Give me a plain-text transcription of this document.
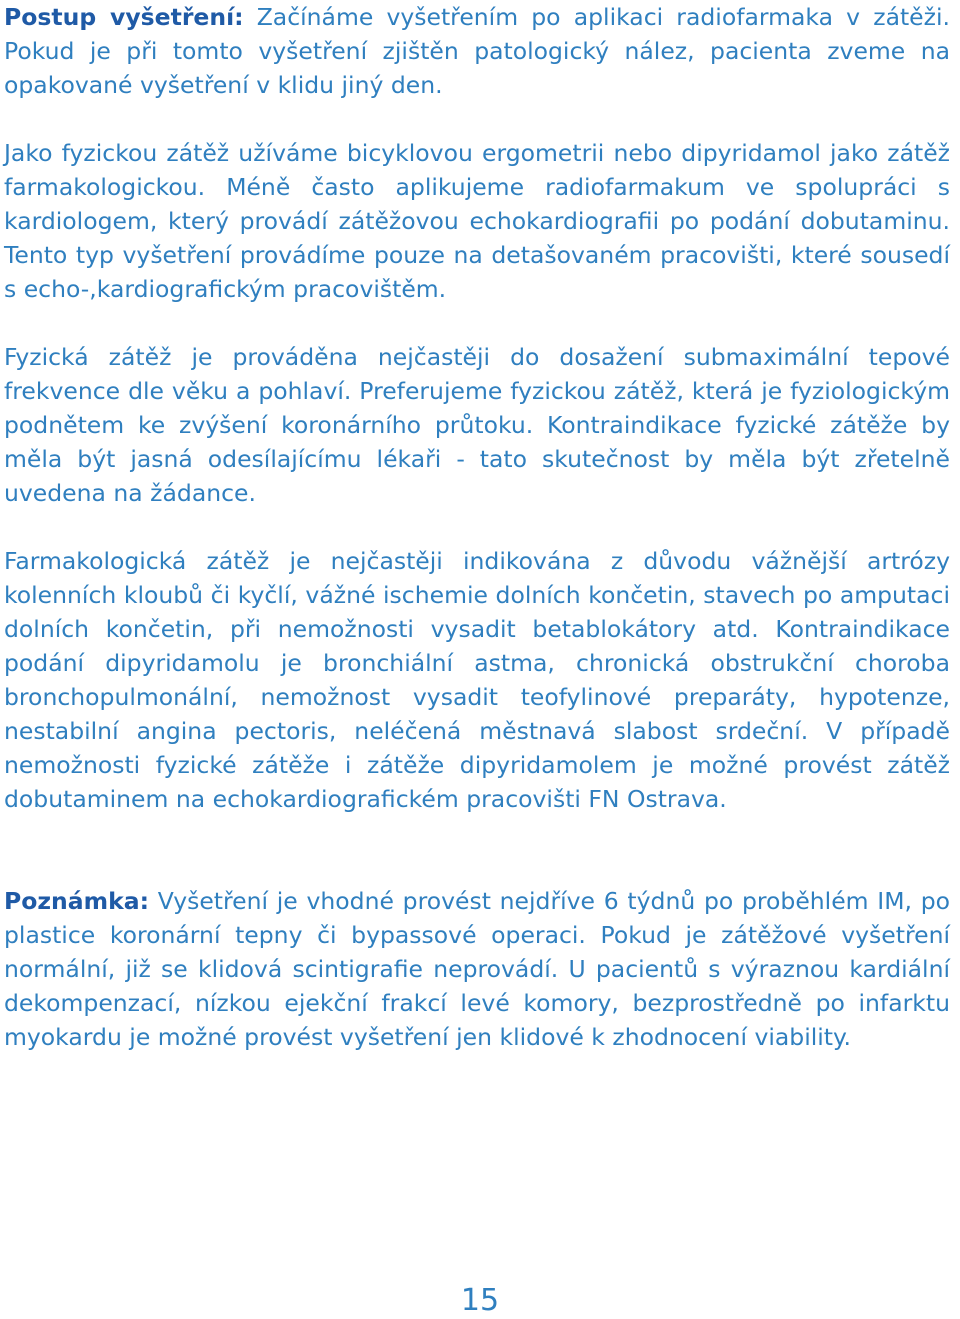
Postup vyšetření: Začínáme vyšetřením po aplikaci radiofarmaka v zátěži. Pokud je při tomto vyšetření zjištěn patologický nález, pacienta zveme na opakované vyšetření v klidu jiný den.

Jako fyzickou zátěž užíváme bicyklovou ergometrii nebo dipyridamol jako zátěž farmakologickou. Méně často aplikujeme radiofarmakum ve spolupráci s kardiologem, který provádí zátěžovou echokardiografii po podání dobutaminu. Tento typ vyšetření provádíme pouze na detašovaném pracovišti, které sousedí s echo-,kardiografickým pracovištěm.

Fyzická zátěž je prováděna nejčastěji do dosažení submaximální tepové frekvence dle věku a pohlaví. Preferujeme fyzickou zátěž, která je fyziologickým podnětem ke zvýšení koronárního průtoku. Kontraindikace fyzické zátěže by měla být jasná odesílajícímu lékaři - tato skutečnost by měla být zřetelně uvedena na žádance.

Farmakologická zátěž je nejčastěji indikována z důvodu vážnější artrózy kolenních kloubů či kyčlí, vážné ischemie dolních končetin, stavech po amputaci dolních končetin, při nemožnosti vysadit betablokátory atd. Kontraindikace podání dipyridamolu je bronchiální astma, chronická obstrukční choroba bronchopulmonální, nemožnost vysadit teofylinové preparáty, hypotenze, nestabilní angina pectoris, neléčená městnavá slabost srdeční. V případě nemožnosti fyzické zátěže i zátěže dipyridamolem je možné provést zátěž dobutaminem na echokardiografickém pracovišti FN Ostrava.

Poznámka: Vyšetření je vhodné provést nejdříve 6 týdnů po proběhlém IM, po plastice koronární tepny či bypassové operaci. Pokud je zátěžové vyšetření normální, již se klidová scintigrafie neprovádí. U pacientů s výraznou kardiální dekompenzací, nízkou ejekční frakcí levé komory, bezprostředně po infarktu myokardu je možné provést vyšetření jen klidové k zhodnocení viability.

15
